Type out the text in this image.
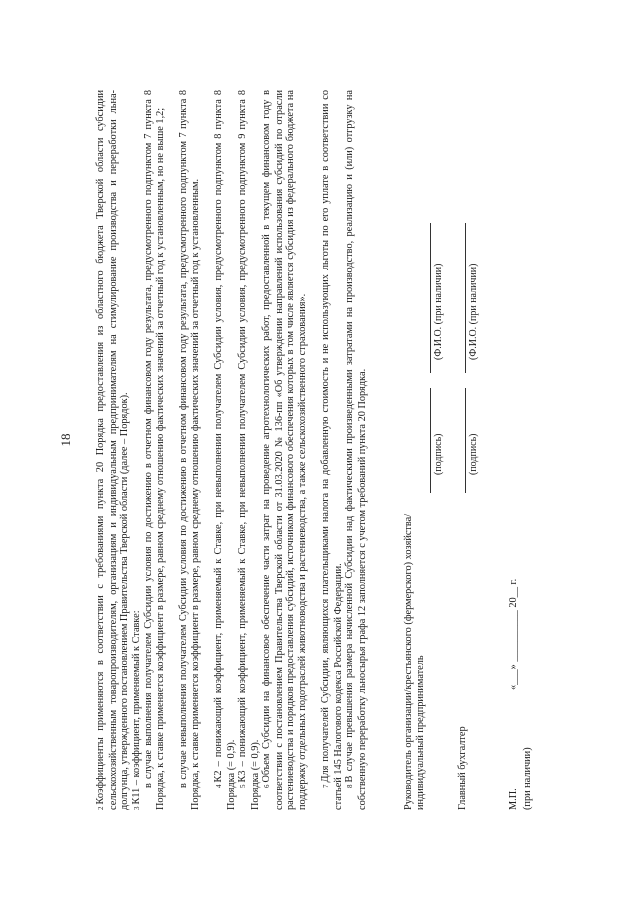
18

2Коэффициенты применяются в соответствии с требованиями пункта 20 Порядка предоставления из областного бюджета Тверской области субсидии сельскохозяйственным товаропроизводителям, организациям и индивидуальным предпринимателям на стимулирование производства и переработки льна-долгунца, утвержденного постановлением Правительства Тверской области (далее – Порядок). 3К11 – коэффициент, применяемый к Ставке: в случае выполнения получателем Субсидии условия по достижению в отчетном финансовом году результата, предусмотренного подпунктом 7 пункта 8 Порядка, к ставке применяется коэффициент в размере, равном среднему отношению фактических значений за отчетный год к установленным, но не выше 1,2; в случае невыполнения получателем Субсидии условия по достижению в отчетном финансовом году результата, предусмотренного подпунктом 7 пункта 8 Порядка, к ставке применяется коэффициент в размере, равном среднему отношению фактических значений за отчетный год к установленным. 4К2 – понижающий коэффициент, применяемый к Ставке, при невыполнении получателем Субсидии условия, предусмотренного подпунктом 8 пункта 8 Порядка (= 0,9). 5К3 – понижающий коэффициент, применяемый к Ставке, при невыполнении получателем Субсидии условия, предусмотренного подпунктом 9 пункта 8 Порядка (= 0,9). 6Объем Субсидии на финансовое обеспечение части затрат на проведение агротехнологических работ, предоставленной в текущем финансовом году в соответствии с постановлением Правительства Тверской области от 31.03.2020 № 136-пп «Об утверждении направлений использования субсидий по отрасли растениеводства и порядков предоставления субсидий, источником финансового обеспечения которых в том числе является субсидия из федерального бюджета на поддержку отдельных подотраслей животноводства и растениеводства, а также сельскохозяйственного страхования». 7Для получателей Субсидии, являющихся плательщиками налога на добавленную стоимость и не использующих льготы по его уплате в соответствии со статьей 145 Налогового кодекса Российской Федерации. 8В случае превышения размера начисленной Субсидии над фактическими произведенными затратами на производство, реализацию и (или) отгрузку на собственную переработку льносырья графа 12 заполняется с учетом требований пункта 20 Порядка.	Руководитель организации/крестьянского (фермерского) хозяйства/ индивидуальный предприниматель
(подпись)
(Ф.И.О. (при наличии)
Главный бухгалтер
(подпись)
(Ф.И.О. (при наличии)
М.П. (при наличии)
«___» __________ 20__ г.
